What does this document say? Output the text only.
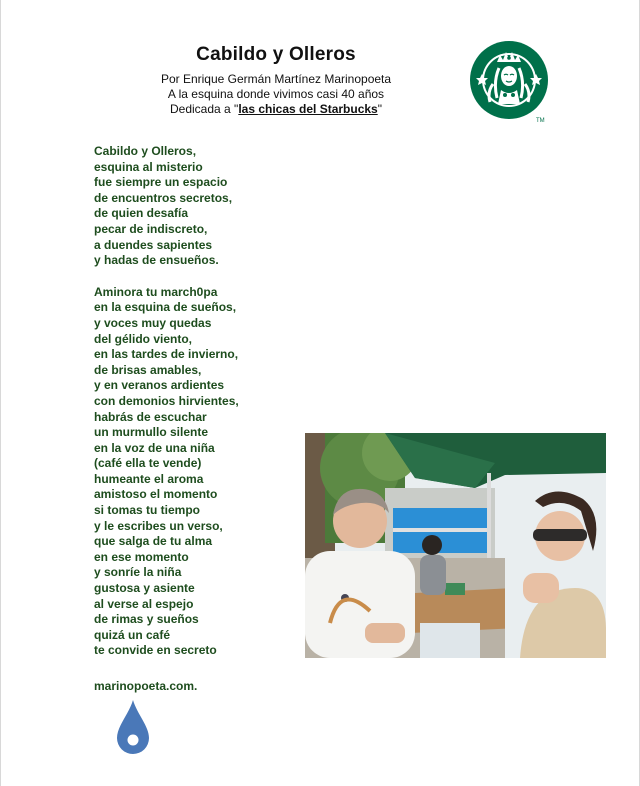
Cabildo y Olleros
Por Enrique Germán Martínez Marinopoeta
A la esquina donde vivimos casi 40 años
Dedicada a "las chicas del Starbucks"
TM
Cabildo y Olleros,
esquina al misterio
fue siempre un espacio
de encuentros secretos,
de quien desafía
pecar de indiscreto,
a duendes sapientes
y hadas de ensueños.
Aminora tu march0pa
en la esquina de sueños,
y voces muy quedas
del gélido viento,
en las tardes de invierno,
de brisas amables,
y en veranos ardientes
con demonios hirvientes,
habrás de escuchar
un murmullo silente
en la voz de una niña
(café ella te vende)
humeante el aroma
amistoso el momento
si tomas tu tiempo
y le escribes un verso,
que salga de tu alma
en ese momento
y sonríe la niña
gustosa y asiente
al verse al espejo
de rimas y sueños
quizá un café
te convide en secreto
marinopoeta.com.
